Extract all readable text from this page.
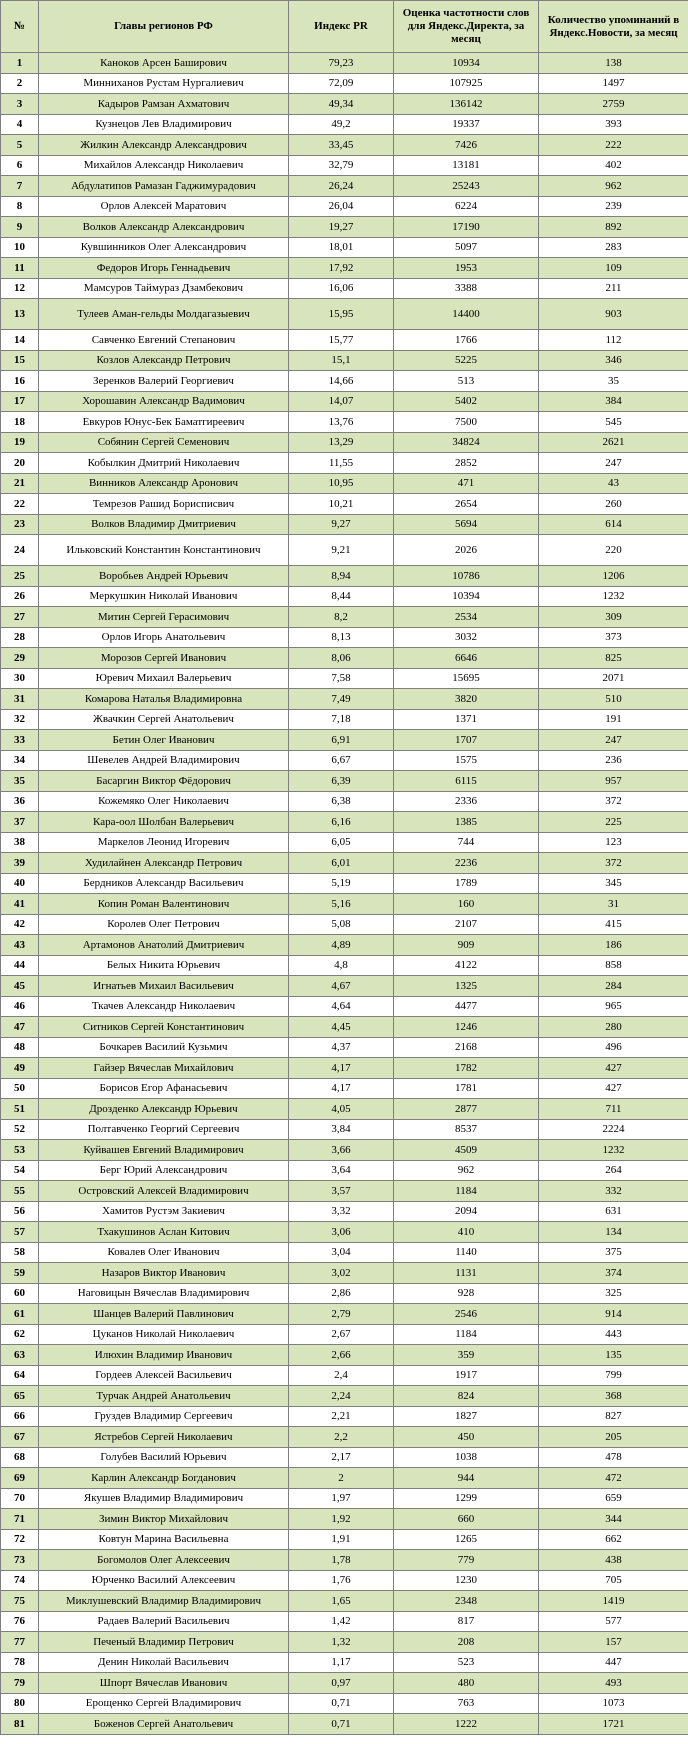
№	Главы регионов РФ	Индекс PR	Оценка частотности слов для Яндекс.Директа, за месяц	Количество упоминаний в Яндекс.Новости, за месяц
1	Каноков Арсен Баширович	79,23	10934	138
2	Минниханов Рустам Нургалиевич	72,09	107925	1497
3	Кадыров Рамзан Ахматович	49,34	136142	2759
4	Кузнецов Лев Владимирович	49,2	19337	393
5	Жилкин Александр Александрович	33,45	7426	222
6	Михайлов Александр Николаевич	32,79	13181	402
7	Абдулатипов Рамазан Гаджимурадович	26,24	25243	962
8	Орлов Алексей Маратович	26,04	6224	239
9	Волков Александр Александрович	19,27	17190	892
10	Кувшинников Олег Александрович	18,01	5097	283
11	Федоров Игорь Геннадьевич	17,92	1953	109
12	Мамсуров Таймураз Дзамбекович	16,06	3388	211
13	Тулеев Аман-гельды Молдагазыевич	15,95	14400	903
14	Савченко Евгений Степанович	15,77	1766	112
15	Козлов Александр Петрович	15,1	5225	346
16	Зеренков Валерий Георгиевич	14,66	513	35
17	Хорошавин Александр Вадимович	14,07	5402	384
18	Евкуров Юнус-Бек Баматгиреевич	13,76	7500	545
19	Собянин Сергей Семенович	13,29	34824	2621
20	Кобылкин Дмитрий Николаевич	11,55	2852	247
21	Винников Александр Аронович	10,95	471	43
22	Темрезов Рашид Борисписвич	10,21	2654	260
23	Волков Владимир Дмитриевич	9,27	5694	614
24	Ильковский Константин Константинович	9,21	2026	220
25	Воробьев Андрей Юрьевич	8,94	10786	1206
26	Меркушкин Николай Иванович	8,44	10394	1232
27	Митин Сергей Герасимович	8,2	2534	309
28	Орлов Игорь Анатольевич	8,13	3032	373
29	Морозов Сергей Иванович	8,06	6646	825
30	Юревич Михаил Валерьевич	7,58	15695	2071
31	Комарова Наталья Владимировна	7,49	3820	510
32	Жвачкин Сергей Анатольевич	7,18	1371	191
33	Бетин Олег Иванович	6,91	1707	247
34	Шевелев Андрей Владимирович	6,67	1575	236
35	Басаргин Виктор Фёдорович	6,39	6115	957
36	Кожемяко Олег Николаевич	6,38	2336	372
37	Кара-оол Шолбан Валерьевич	6,16	1385	225
38	Маркелов Леонид Игоревич	6,05	744	123
39	Худилайнен Александр Петрович	6,01	2236	372
40	Бердников Александр Васильевич	5,19	1789	345
41	Копин Роман Валентинович	5,16	160	31
42	Королев Олег Петрович	5,08	2107	415
43	Артамонов Анатолий Дмитриевич	4,89	909	186
44	Белых Никита Юрьевич	4,8	4122	858
45	Игнатьев Михаил Васильевич	4,67	1325	284
46	Ткачев Александр Николаевич	4,64	4477	965
47	Ситников Сергей Константинович	4,45	1246	280
48	Бочкарев Василий Кузьмич	4,37	2168	496
49	Гайзер Вячеслав Михайлович	4,17	1782	427
50	Борисов Егор Афанасьевич	4,17	1781	427
51	Дрозденко Александр Юрьевич	4,05	2877	711
52	Полтавченко Георгий Сергеевич	3,84	8537	2224
53	Куйвашев Евгений Владимирович	3,66	4509	1232
54	Берг Юрий Александрович	3,64	962	264
55	Островский Алексей Владимирович	3,57	1184	332
56	Хамитов Рустэм Закиевич	3,32	2094	631
57	Тхакушинов Аслан Китович	3,06	410	134
58	Ковалев Олег Иванович	3,04	1140	375
59	Назаров Виктор Иванович	3,02	1131	374
60	Наговицын Вячеслав Владимирович	2,86	928	325
61	Шанцев Валерий Павлинович	2,79	2546	914
62	Цуканов Николай Николаевич	2,67	1184	443
63	Илюхин Владимир Иванович	2,66	359	135
64	Гордеев Алексей Васильевич	2,4	1917	799
65	Турчак Андрей Анатольевич	2,24	824	368
66	Груздев Владимир Сергеевич	2,21	1827	827
67	Ястребов Сергей Николаевич	2,2	450	205
68	Голубев Василий Юрьевич	2,17	1038	478
69	Карлин Александр Богданович	2	944	472
70	Якушев Владимир Владимирович	1,97	1299	659
71	Зимин Виктор Михайлович	1,92	660	344
72	Ковтун Марина Васильевна	1,91	1265	662
73	Богомолов Олег Алексеевич	1,78	779	438
74	Юрченко Василий Алексеевич	1,76	1230	705
75	Миклушевский Владимир Владимирович	1,65	2348	1419
76	Радаев Валерий Васильевич	1,42	817	577
77	Печеный Владимир Петрович	1,32	208	157
78	Денин Николай Васильевич	1,17	523	447
79	Шпорт Вячеслав Иванович	0,97	480	493
80	Ерощенко Сергей Владимирович	0,71	763	1073
81	Боженов Сергей Анатольевич	0,71	1222	1721
